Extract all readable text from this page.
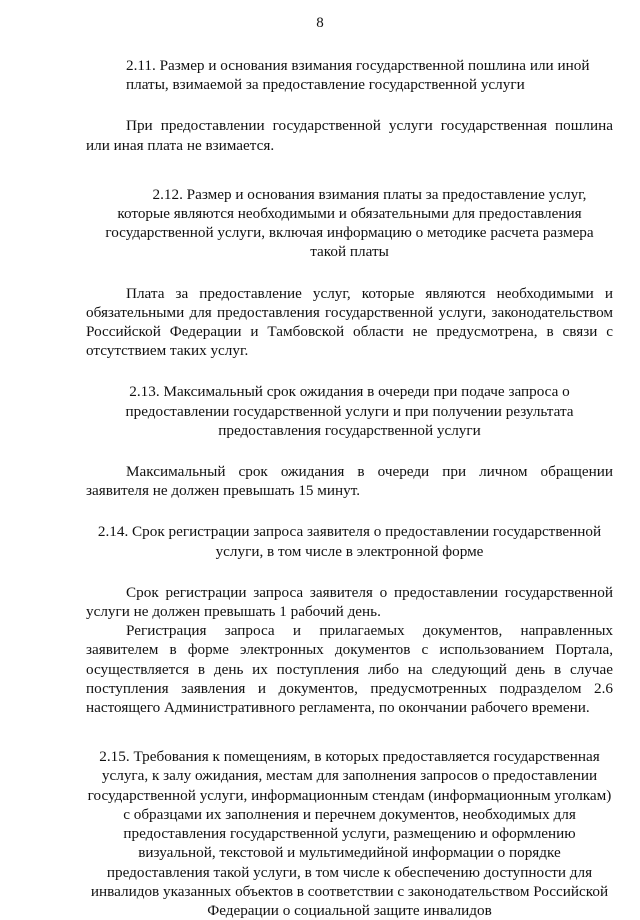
8

2.11. Размер и основания взимания государственной пошлина или иной платы, взимаемой за предоставление государственной услуги

При предоставлении государственной услуги государственная пошлина или иная плата не взимается.

2.12. Размер и основания взимания платы за предоставление услуг, которые являются необходимыми и обязательными для предоставления государственной услуги, включая информацию о методике расчета размера такой платы

Плата за предоставление услуг, которые являются необходимыми и обязательными для предоставления государственной услуги, законодательством Российской Федерации и Тамбовской области не предусмотрена, в связи с отсутствием таких услуг.

2.13. Максимальный срок ожидания в очереди при подаче запроса о предоставлении государственной услуги и при получении результата предоставления государственной услуги

Максимальный срок ожидания в очереди при личном обращении заявителя не должен превышать 15 минут.

2.14. Срок регистрации запроса заявителя о предоставлении государственной услуги, в том числе в электронной форме

Срок регистрации запроса заявителя о предоставлении государственной услуги не должен превышать 1 рабочий день.

Регистрация запроса и прилагаемых документов, направленных заявителем в форме электронных документов с использованием Портала, осуществляется в день их поступления либо на следующий день в случае поступления заявления и документов, предусмотренных подразделом 2.6 настоящего Административного регламента, по окончании рабочего времени.

2.15. Требования к помещениям, в которых предоставляется государственная услуга, к залу ожидания, местам для заполнения запросов о предоставлении государственной услуги, информационным стендам (информационным уголкам) с образцами их заполнения и перечнем документов, необходимых для предоставления государственной услуги, размещению и оформлению визуальной, текстовой и мультимедийной информации о порядке предоставления такой услуги, в том числе к обеспечению доступности для инвалидов указанных объектов в соответствии с законодательством Российской Федерации о социальной защите инвалидов
